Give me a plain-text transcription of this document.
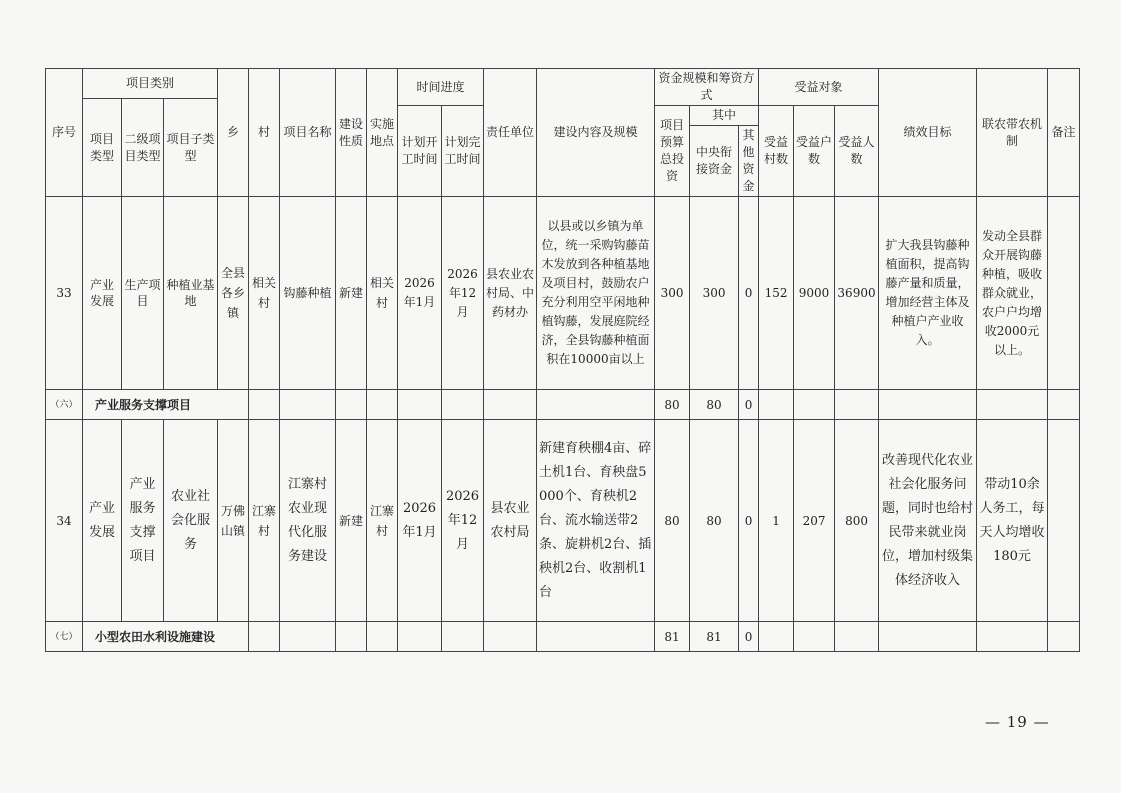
序号	项目类别			乡	村	项目名称	建设性质	实施地点	时间进度		责任单位	建设内容及规模	资金规模和筹资方式			受益对象			绩效目标	联农带农机制	备注
	项目类型	二级项目类型	项目子类型																		
									计划开工时间	计划完工时间			项目预算总投资	其中		受益村数	受益户数	受益人数			
														中央衔接资金	其他资金						
33	产业发展	生产项目	种植业基地	全县各乡镇	相关村	钩藤种植	新建	相关村	2026年1月	2026年12月	县农业农村局、中药材办	以县或以乡镇为单位，统一采购钩藤苗木发放到各种植基地及项目村，鼓励农户充分利用空平闲地种植钩藤，发展庭院经济，全县钩藤种植面积在10000亩以上	300	300	0	152	9000	36900	扩大我县钩藤种植面积，提高钩藤产量和质量，增加经营主体及种植户产业收入。	发动全县群众开展钩藤种植，吸收群众就业，农户户均增收2000元以上。	
（六）	产业服务支撑项目												80	80	0						
34	产业发展	产业服务支撑项目	农业社会化服务	万佛山镇	江寨村	江寨村农业现代化服务建设	新建	江寨村	2026年1月	2026年12月	县农业农村局	新建育秧棚4亩、碎土机1台、育秧盘5000个、育秧机2台、流水输送带2条、旋耕机2台、插秧机2台、收割机1台	80	80	0	1	207	800	改善现代化农业社会化服务问题，同时也给村民带来就业岗位，增加村级集体经济收入	带动10余人务工，每天人均增收180元	
（七）	小型农田水利设施建设												81	81	0						
— 19 —
